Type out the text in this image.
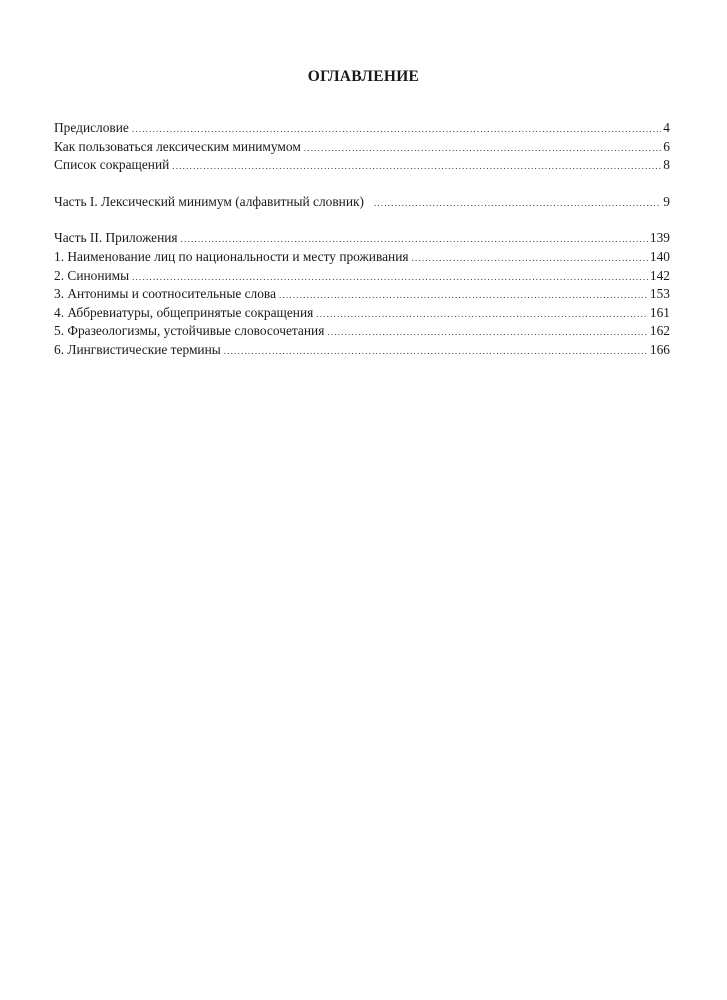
ОГЛАВЛЕНИЕ
Предисловие .....	4
Как пользоваться лексическим минимумом .....	6
Список сокращений .....	8
Часть I. Лексический минимум (алфавитный словник) .....	9
Часть II. Приложения .....	139
1. Наименование лиц по национальности и месту проживания .....	140
2. Синонимы .....	142
3. Антонимы и соотносительные слова .....	153
4. Аббревиатуры, общепринятые сокращения .....	161
5. Фразеологизмы, устойчивые словосочетания .....	162
6. Лингвистические термины .....	166
